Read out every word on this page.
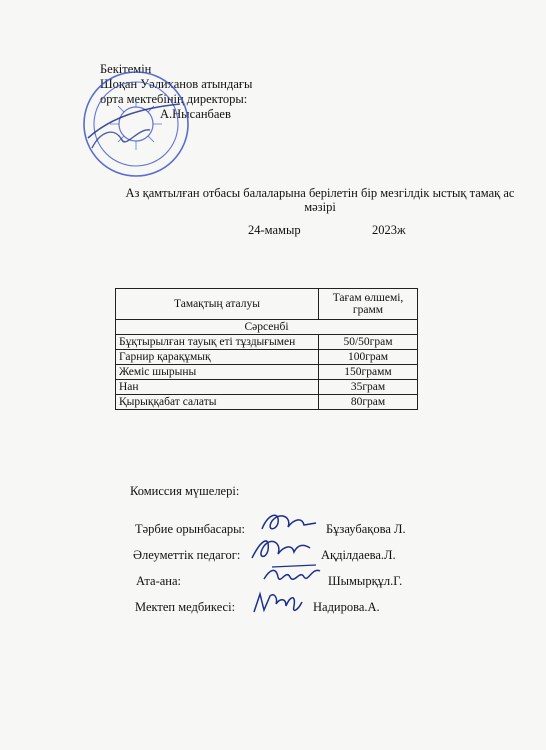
Бекітемін
Шоқан Уәлиханов атындағы
орта мектебінің директоры:
А.Нысанбаев
Аз қамтылған отбасы балаларына берілетін бір мезгілдік ыстық тамақ ас мәзірі
24-мамыр	2023ж
Тамақтың аталуы	Тағам өлшемі, грамм
Сәрсенбі	
Бұқтырылған тауық еті тұздығымен	50/50грам
Гарнир қарақұмық	100грам
Жеміс шырыны	150грамм
Нан	35грам
Қырыққабат салаты	80грам
Комиссия мүшелері:
Тәрбие орынбасары:	Бұзаубақова Л.
Әлеуметтік педагог:	Ақділдаева.Л.
Ата-ана:	Шымырқұл.Г.
Мектеп медбикесі:	Надирова.А.
